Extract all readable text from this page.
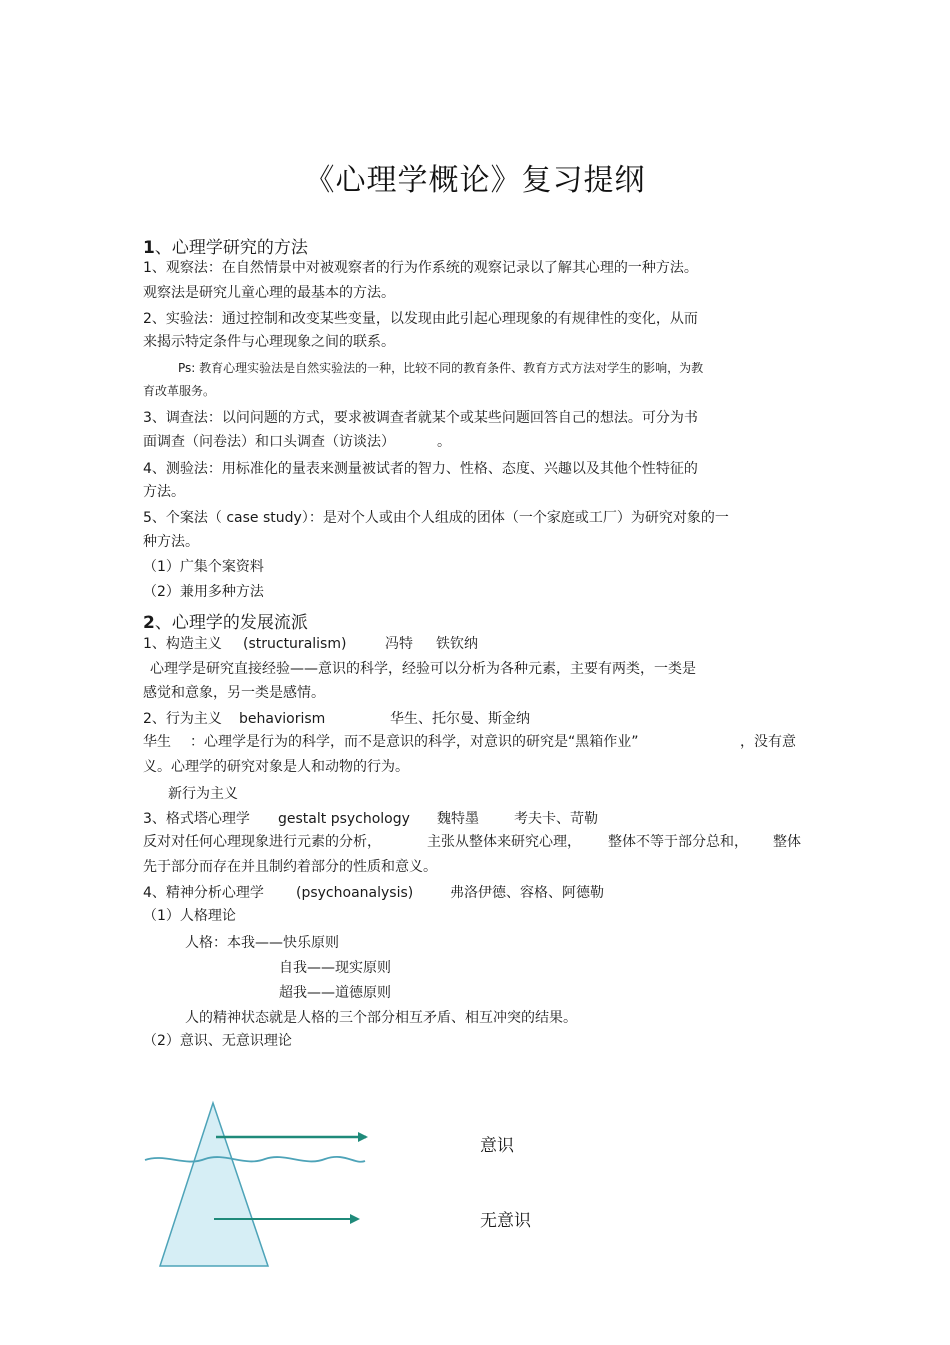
《心理学概论》复习提纲
1、心理学研究的方法
1、观察法：在自然情景中对被观察者的行为作系统的观察记录以了解其心理的一种方法。
观察法是研究儿童心理的最基本的方法。
2、实验法：通过控制和改变某些变量，以发现由此引起心理现象的有规律性的变化，从而
来揭示特定条件与心理现象之间的联系。
Ps: 教育心理实验法是自然实验法的一种，比较不同的教育条件、教育方式方法对学生的影响，为教
育改革服务。
3、调查法：以问问题的方式，要求被调查者就某个或某些问题回答自己的想法。可分为书
面调查（问卷法）和口头调查（访谈法）	。
4、测验法：用标准化的量表来测量被试者的智力、性格、态度、兴趣以及其他个性特征的
方法。
5、个案法（ case study）：是对个人或由个人组成的团体（一个家庭或工厂）为研究对象的一
种方法。
（1）广集个案资料
（2）兼用多种方法
2、心理学的发展流派
1、构造主义 (structuralism)	冯特 铁钦纳
心理学是研究直接经验——意识的科学，经验可以分析为各种元素，主要有两类，一类是
感觉和意象，另一类是感情。
2、行为主义 behaviorism	华生、托尔曼、斯金纳
华生 ：心理学是行为的科学，而不是意识的科学，对意识的研究是“黑箱作业”	，没有意
义。心理学的研究对象是人和动物的行为。
新行为主义
3、格式塔心理学 gestalt psychology 魏特墨	考夫卡、苛勒
反对对任何心理现象进行元素的分析，	主张从整体来研究心理， 整体不等于部分总和， 整体
先于部分而存在并且制约着部分的性质和意义。
4、精神分析心理学 (psychoanalysis)	弗洛伊德、容格、阿德勒
（1）人格理论
人格：本我——快乐原则
自我——现实原则
超我——道德原则
人的精神状态就是人格的三个部分相互矛盾、相互冲突的结果。
（2）意识、无意识理论
意识
无意识
